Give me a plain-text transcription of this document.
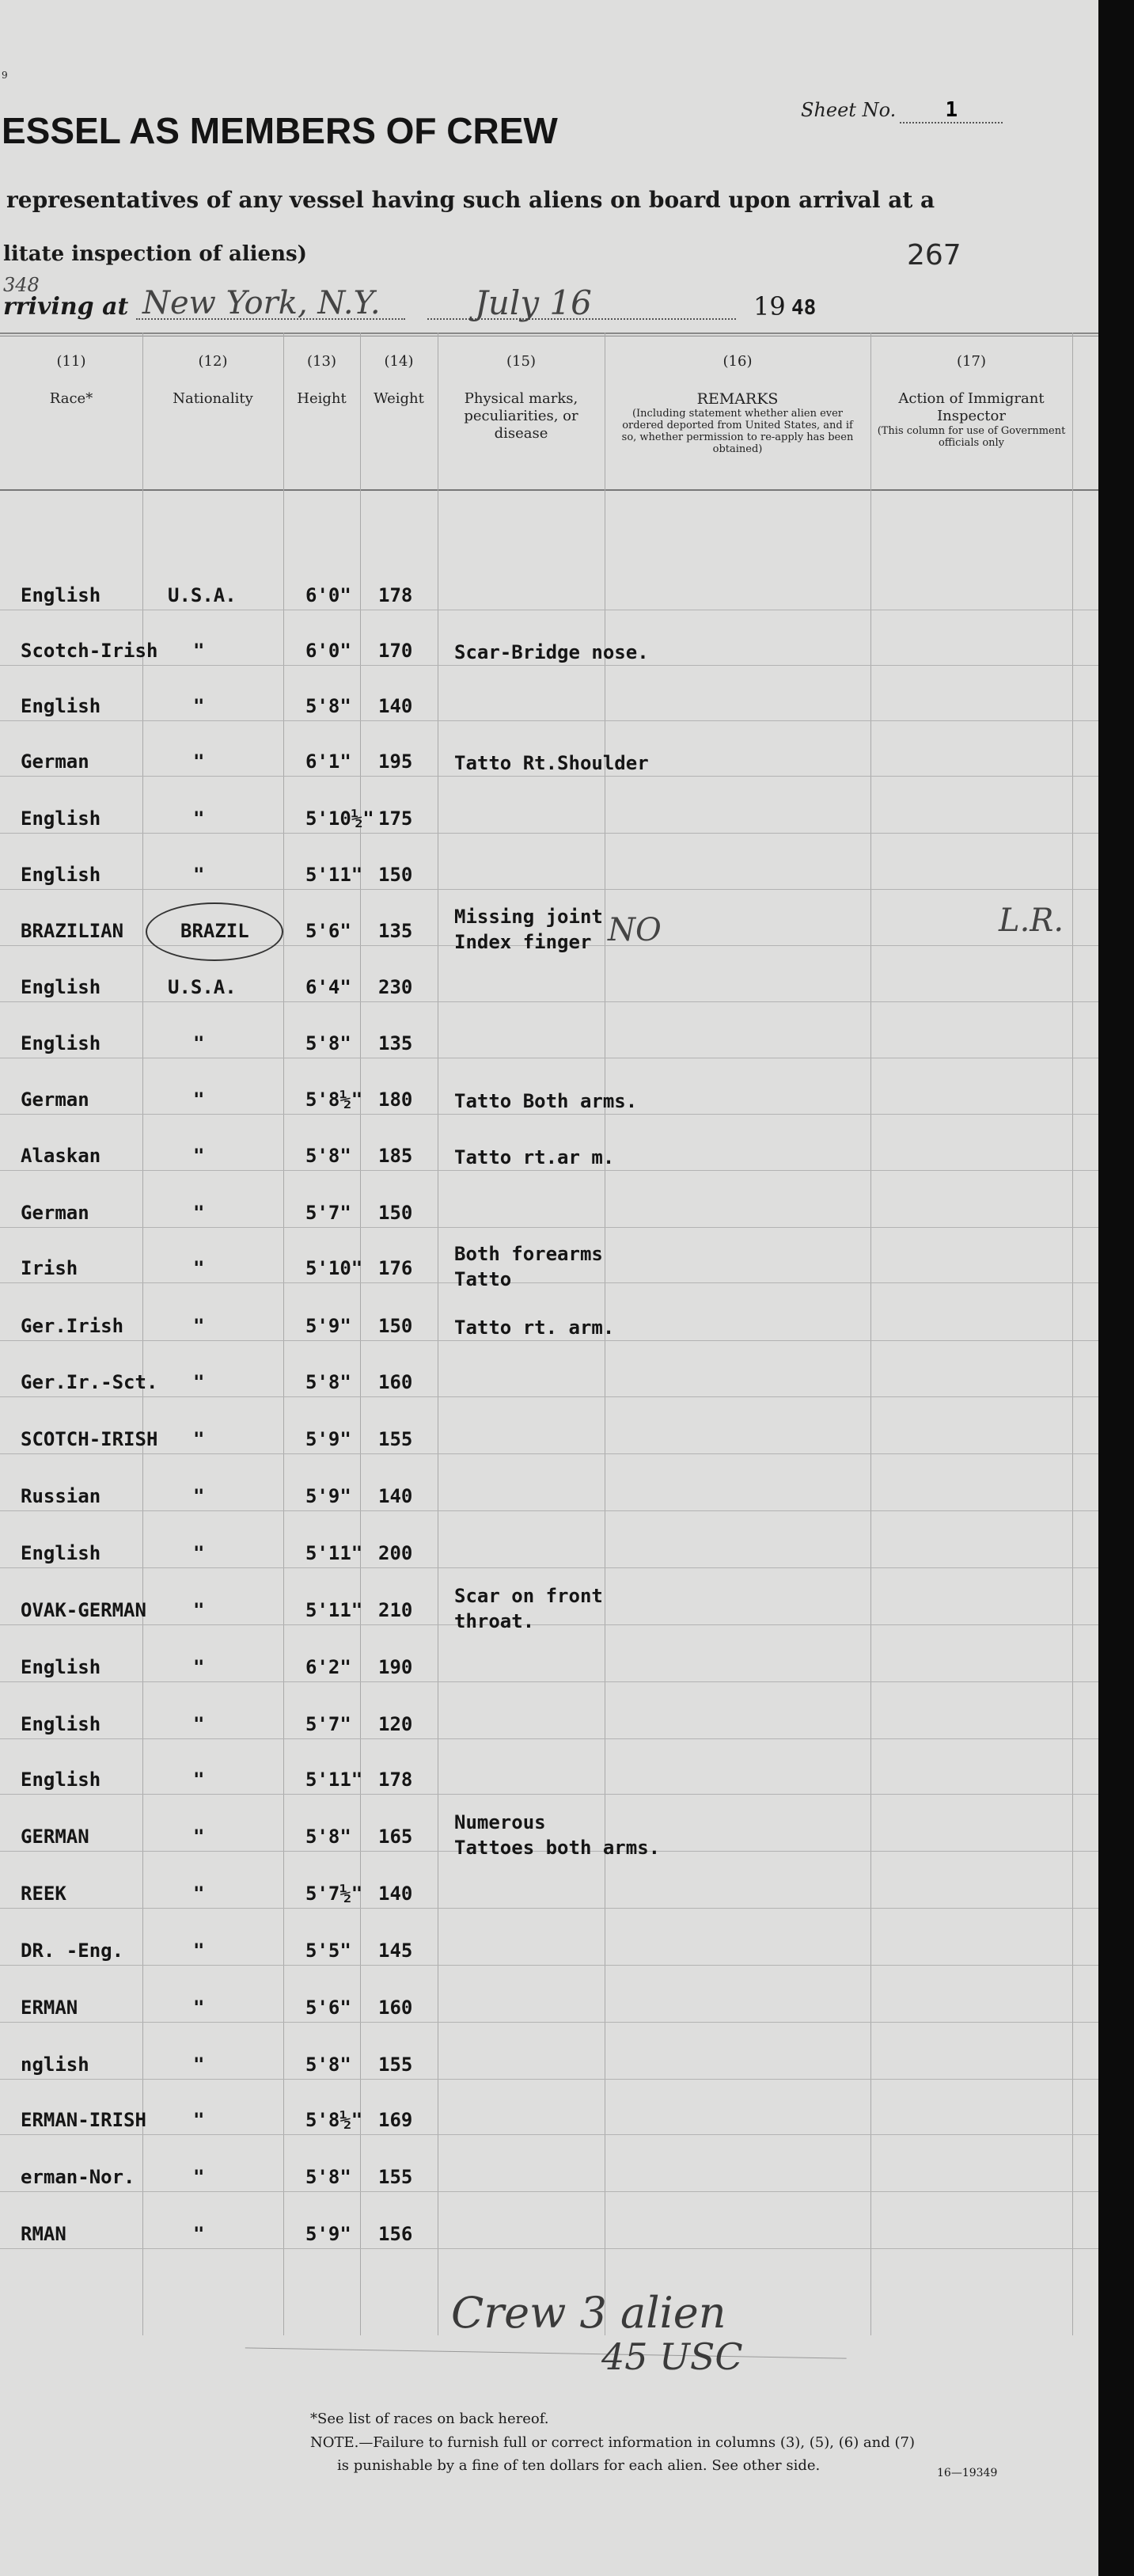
9
ESSEL AS MEMBERS OF CREW	Sheet No. 1
representatives of any vessel having such aliens on board upon arrival at a
litate inspection of aliens)	267
348
rriving at New York, N.Y.	July 16	19 48
(11)
Race*
(12)
Nationality
(13)
Height
(14)
Weight
(15)
Physical marks, peculiarities, or disease
(16)
REMARKS
(Including statement whether alien ever ordered deported from United States, and if so, whether permission to re-apply has been obtained)
(17)
Action of Immigrant Inspector
(This column for use of Government officials only
English	U.S.A.	6'0" 178
Scotch-Irish "	6'0" 170 Scar-Bridge nose.
English	"	5'8" 140
German	"	6'1" 195 Tatto Rt.Shoulder
English	"	5'10½" 175
English	"	5'11" 150
BRAZILIAN	BRAZIL	5'6" 135
Missing joint
Index finger NO	L.R.
English	U.S.A.	6'4" 230
English	"	5'8" 135
German	"	5'8½" 180 Tatto Both arms.
Alaskan	"	5'8" 185 Tatto rt.ar m.
German	"	5'7" 150
Irish	"	5'10" 176
Both forearms
Tatto
Ger.Irish	"	5'9" 150 Tatto rt. arm.
Ger.Ir.-Sct. "	5'8" 160
SCOTCH-IRISH "	5'9" 155
Russian	"	5'9" 140
English	"	5'11" 200
OVAK-GERMAN "	5'11" 210
Scar on front
throat.
English	"	6'2" 190
English	"	5'7" 120
English	"	5'11" 178
GERMAN	"	5'8" 165
Numerous
Tattoes both arms.
REEK	"	5'7½" 140
DR. -Eng.	"	5'5" 145
ERMAN	"	5'6" 160
nglish	"	5'8" 155
ERMAN-IRISH "	5'8½" 169
erman-Nor.	"	5'8" 155
RMAN	"	5'9" 156
Crew 3 alien
45 USC
*See list of races on back hereof.
NOTE.—Failure to furnish full or correct information in columns (3), (5), (6) and (7)
is punishable by a fine of ten dollars for each alien. See other side.	16—19349
